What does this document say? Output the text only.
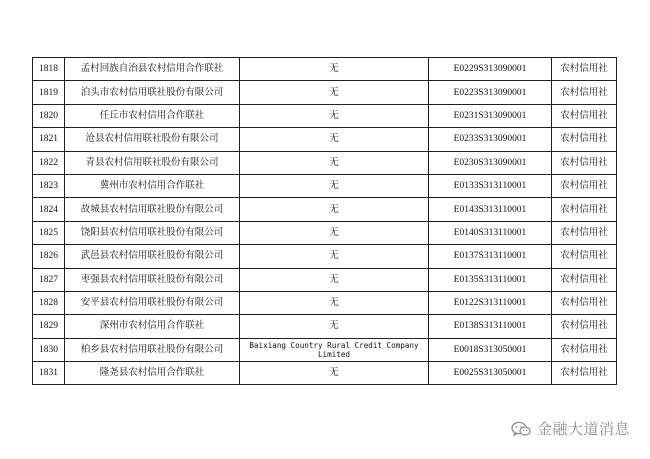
1818	孟村回族自治县农村信用合作联社	无	E0229S313090001	农村信用社
1819	泊头市农村信用联社股份有限公司	无	E0223S313090001	农村信用社
1820	任丘市农村信用合作联社	无	E0231S313090001	农村信用社
1821	沧县农村信用联社股份有限公司	无	E0233S313090001	农村信用社
1822	青县农村信用联社股份有限公司	无	E0230S313090001	农村信用社
1823	冀州市农村信用合作联社	无	E0133S313110001	农村信用社
1824	故城县农村信用联社股份有限公司	无	E0143S313110001	农村信用社
1825	饶阳县农村信用联社股份有限公司	无	E0140S313110001	农村信用社
1826	武邑县农村信用联社股份有限公司	无	E0137S313110001	农村信用社
1827	枣强县农村信用联社股份有限公司	无	E0135S313110001	农村信用社
1828	安平县农村信用联社股份有限公司	无	E0122S313110001	农村信用社
1829	深州市农村信用合作联社	无	E0138S313110001	农村信用社
1830	柏乡县农村信用联社股份有限公司	Baixiang Country Rural Credit Company Limited	E0018S313050001	农村信用社
1831	隆尧县农村信用合作联社	无	E0025S313050001	农村信用社
金融大道消息
